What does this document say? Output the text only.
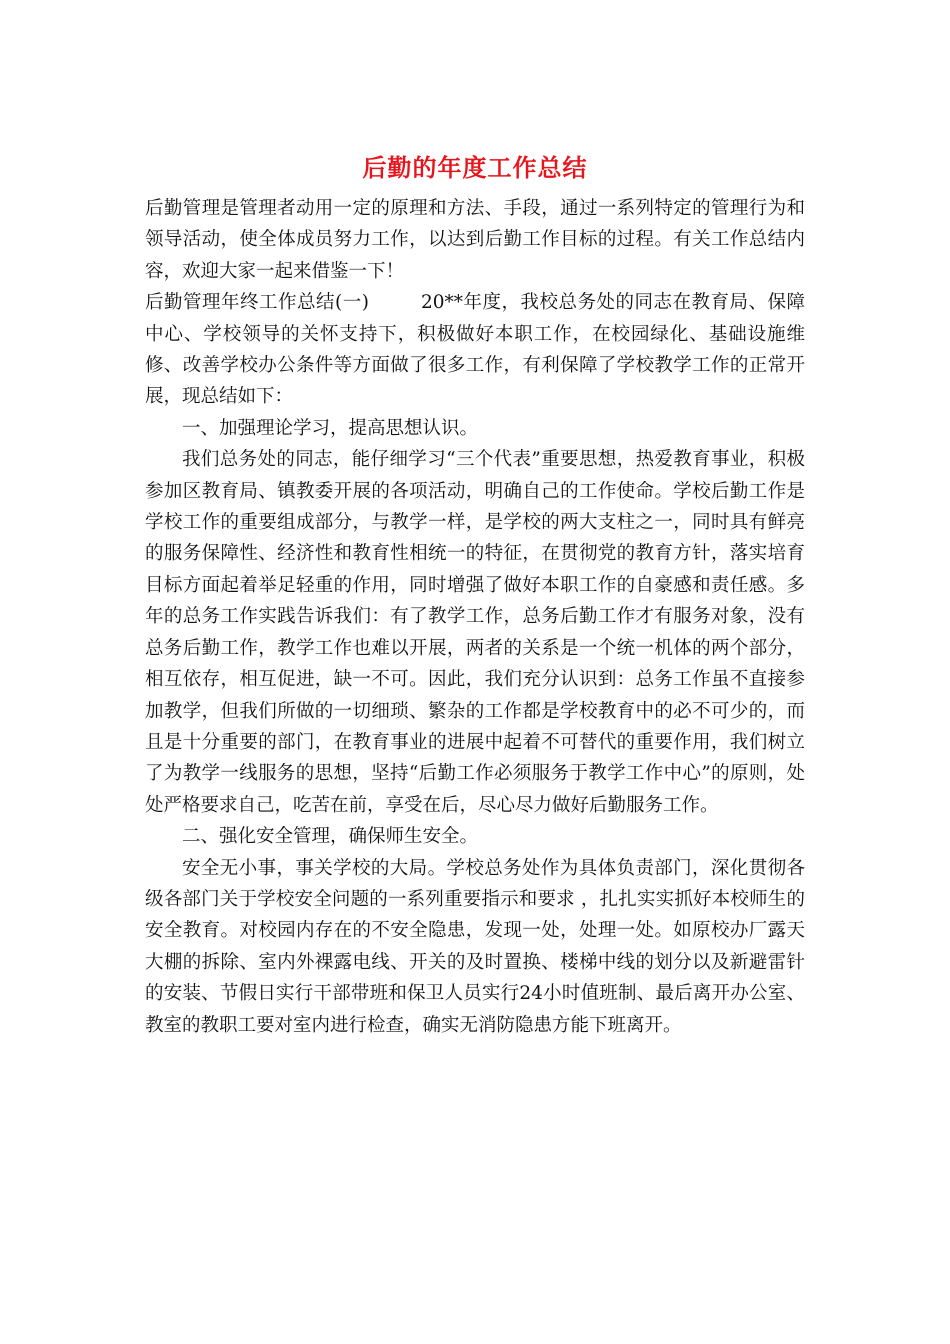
后勤的年度工作总结

后勤管理是管理者动用一定的原理和方法、手段，通过一系列特定的管理行为和领导活动，使全体成员努力工作，以达到后勤工作目标的过程。有关工作总结内容，欢迎大家一起来借鉴一下！

后勤管理年终工作总结(一)	20**年度，我校总务处的同志在教育局、保障中心、学校领导的关怀支持下，积极做好本职工作，在校园绿化、基础设施维修、改善学校办公条件等方面做了很多工作，有利保障了学校教学工作的正常开展，现总结如下：

一、加强理论学习，提高思想认识。

我们总务处的同志，能仔细学习“三个代表”重要思想，热爱教育事业，积极参加区教育局、镇教委开展的各项活动，明确自己的工作使命。学校后勤工作是学校工作的重要组成部分，与教学一样，是学校的两大支柱之一，同时具有鲜亮的服务保障性、经济性和教育性相统一的特征，在贯彻党的教育方针，落实培育目标方面起着举足轻重的作用，同时增强了做好本职工作的自豪感和责任感。多年的总务工作实践告诉我们：有了教学工作，总务后勤工作才有服务对象，没有总务后勤工作，教学工作也难以开展，两者的关系是一个统一机体的两个部分，相互依存，相互促进，缺一不可。因此，我们充分认识到：总务工作虽不直接参加教学，但我们所做的一切细琐、繁杂的工作都是学校教育中的必不可少的，而且是十分重要的部门，在教育事业的进展中起着不可替代的重要作用，我们树立了为教学一线服务的思想，坚持“后勤工作必须服务于教学工作中心”的原则，处处严格要求自己，吃苦在前，享受在后，尽心尽力做好后勤服务工作。

二、强化安全管理，确保师生安全。

安全无小事，事关学校的大局。学校总务处作为具体负责部门，深化贯彻各级各部门关于学校安全问题的一系列重要指示和要求 ，扎扎实实抓好本校师生的安全教育。对校园内存在的不安全隐患，发现一处，处理一处。如原校办厂露天大棚的拆除、室内外裸露电线、开关的及时置换、楼梯中线的划分以及新避雷针的安装、节假日实行干部带班和保卫人员实行24小时值班制、最后离开办公室、教室的教职工要对室内进行检查，确实无消防隐患方能下班离开。
